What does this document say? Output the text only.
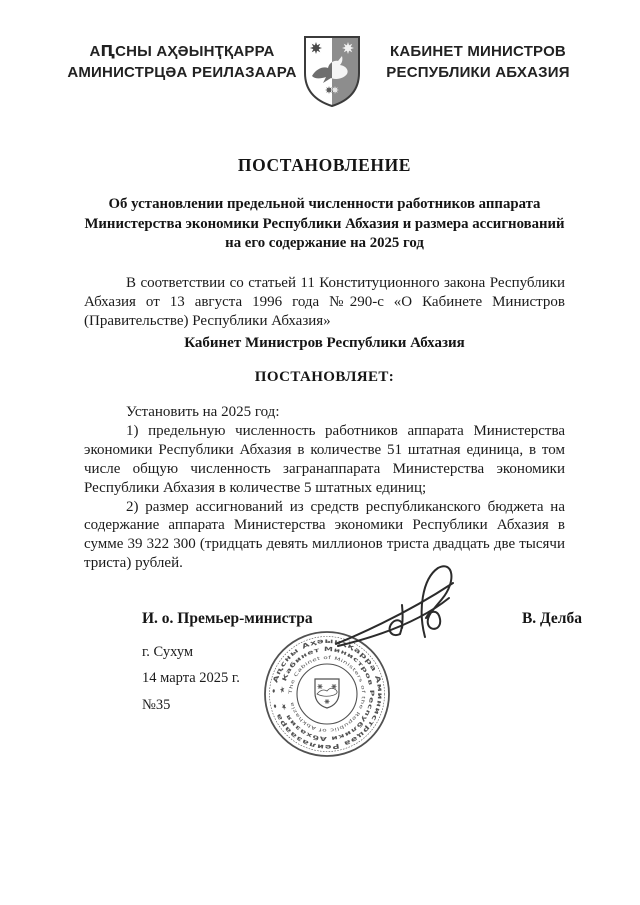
АԤСНЫ АҲӘЫНҬҚАРРА
АМИНИСТРЦӘА РЕИЛАЗААРА
КАБИНЕТ МИНИСТРОВ
РЕСПУБЛИКИ АБХАЗИЯ
ПОСТАНОВЛЕНИЕ
Об установлении предельной численности работников аппарата Министерства экономики Республики Абхазия и размера ассигнований на его содержание на 2025 год

В соответствии со статьей 11 Конституционного закона Республики Абхазия от 13 августа 1996 года №290-с «О Кабинете Министров (Правительстве) Республики Абхазия»

Кабинет Министров Республики Абхазия
ПОСТАНОВЛЯЕТ:

Установить на 2025 год:

1) предельную численность работников аппарата Министерства экономики Республики Абхазия в количестве 51 штатная единица, в том числе общую численность загранаппарата Министерства экономики Республики Абхазия в количестве 5 штатных единиц;

2) размер ассигнований из средств республиканского бюджета на содержание аппарата Министерства экономики Республики Абхазия в сумме 39 322 300 (тридцать девять миллионов триста двадцать две тысячи триста) рублей.

И. о. Премьер-министра	В. Делба
г. Сухум
14 марта 2025 г.
№35
• Аԥсны Аҳәынҭқарра Аминистрцәа Реилазаара •
★ Кабинет Министров Республики Абхазия ★
The Cabinet of Ministers of the Republic of Abkhazia
